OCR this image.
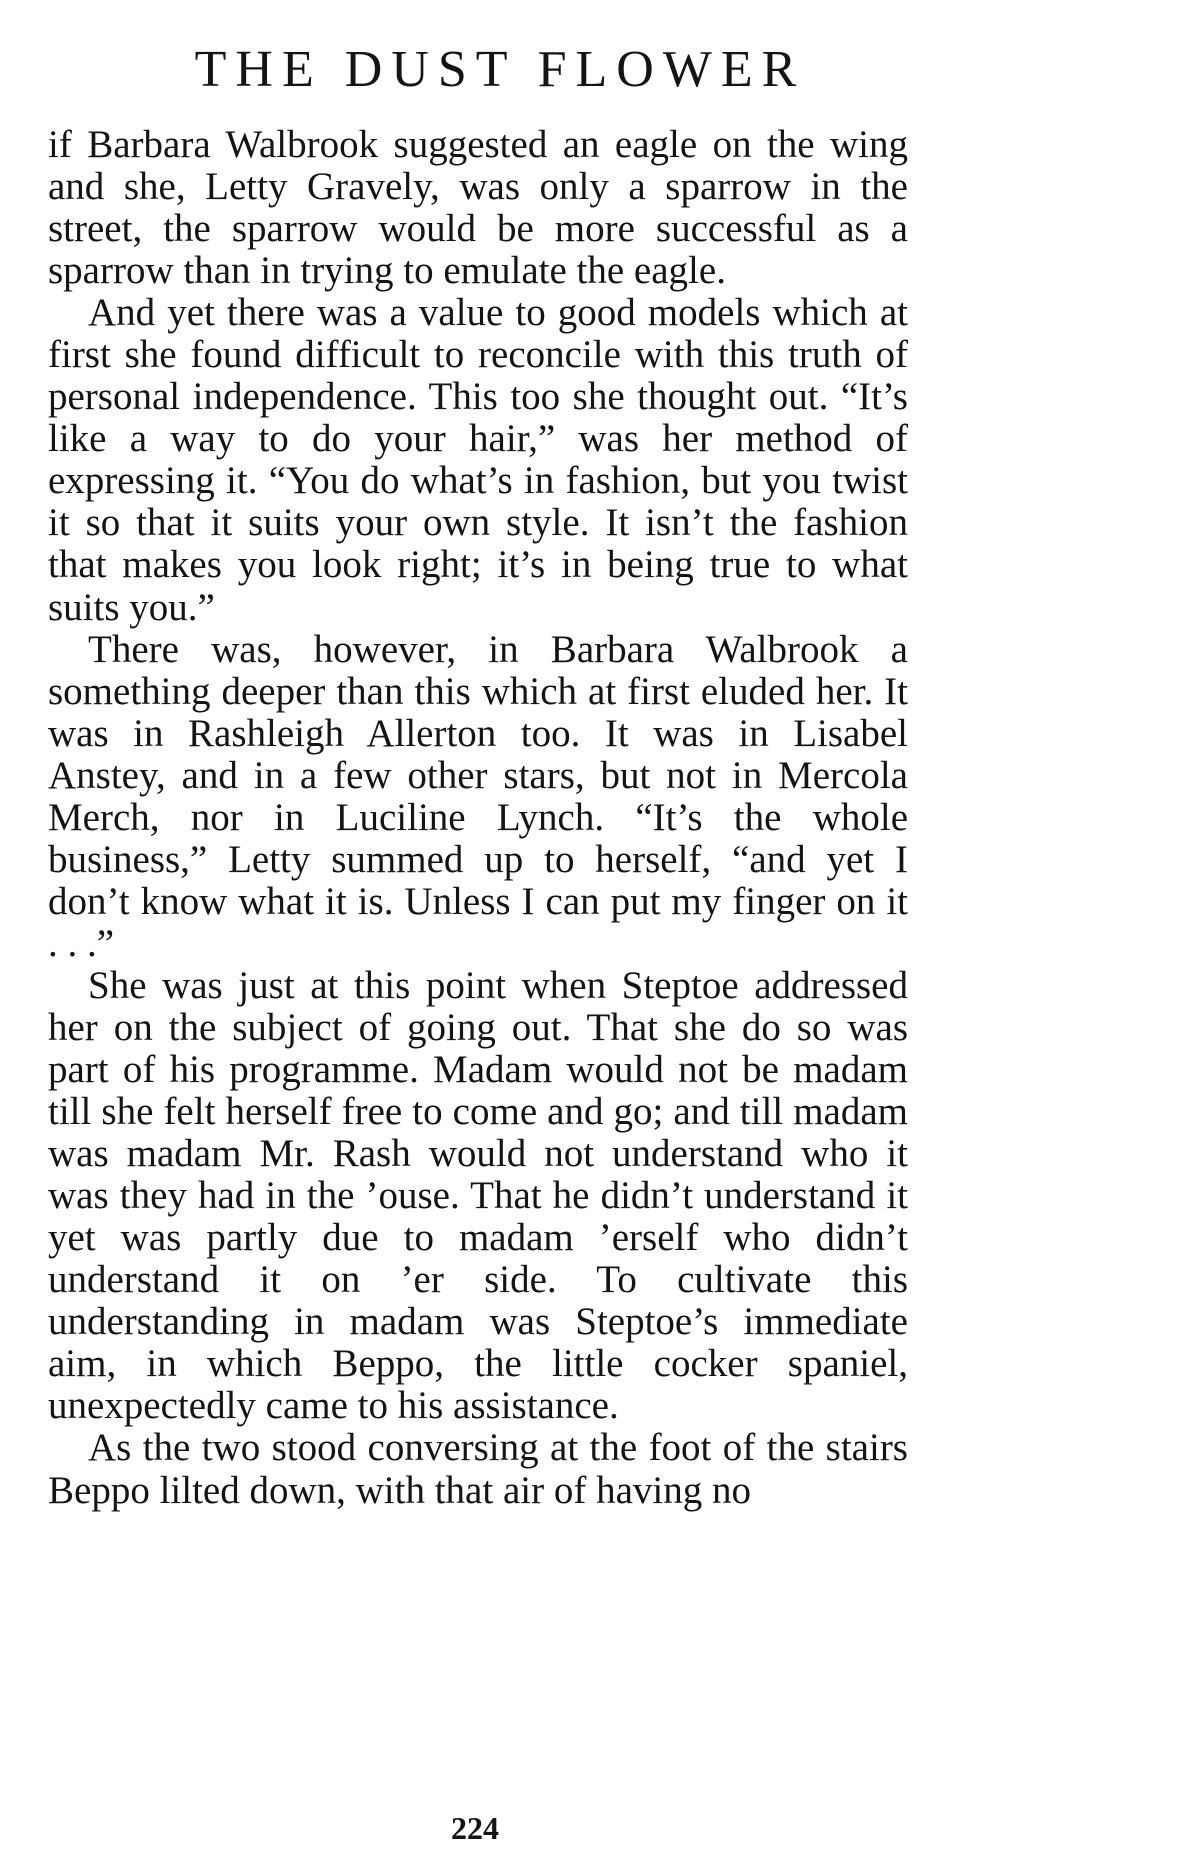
THE DUST FLOWER

if Barbara Walbrook suggested an eagle on the wing and she, Letty Gravely, was only a sparrow in the street, the sparrow would be more successful as a sparrow than in trying to emulate the eagle.

And yet there was a value to good models which at first she found difficult to reconcile with this truth of personal independence. This too she thought out. “It’s like a way to do your hair,” was her method of expressing it. “You do what’s in fashion, but you twist it so that it suits your own style. It isn’t the fashion that makes you look right; it’s in being true to what suits you.”

There was, however, in Barbara Walbrook a something deeper than this which at first eluded her. It was in Rashleigh Allerton too. It was in Lisabel Anstey, and in a few other stars, but not in Mercola Merch, nor in Luciline Lynch. “It’s the whole business,” Letty summed up to herself, “and yet I don’t know what it is. Unless I can put my finger on it . . .”

She was just at this point when Steptoe addressed her on the subject of going out. That she do so was part of his programme. Madam would not be madam till she felt herself free to come and go; and till madam was madam Mr. Rash would not understand who it was they had in the ’ouse. That he didn’t understand it yet was partly due to madam ’erself who didn’t understand it on ’er side. To cultivate this understanding in madam was Steptoe’s immediate aim, in which Beppo, the little cocker spaniel, unexpectedly came to his assistance.

As the two stood conversing at the foot of the stairs Beppo lilted down, with that air of having no

224
